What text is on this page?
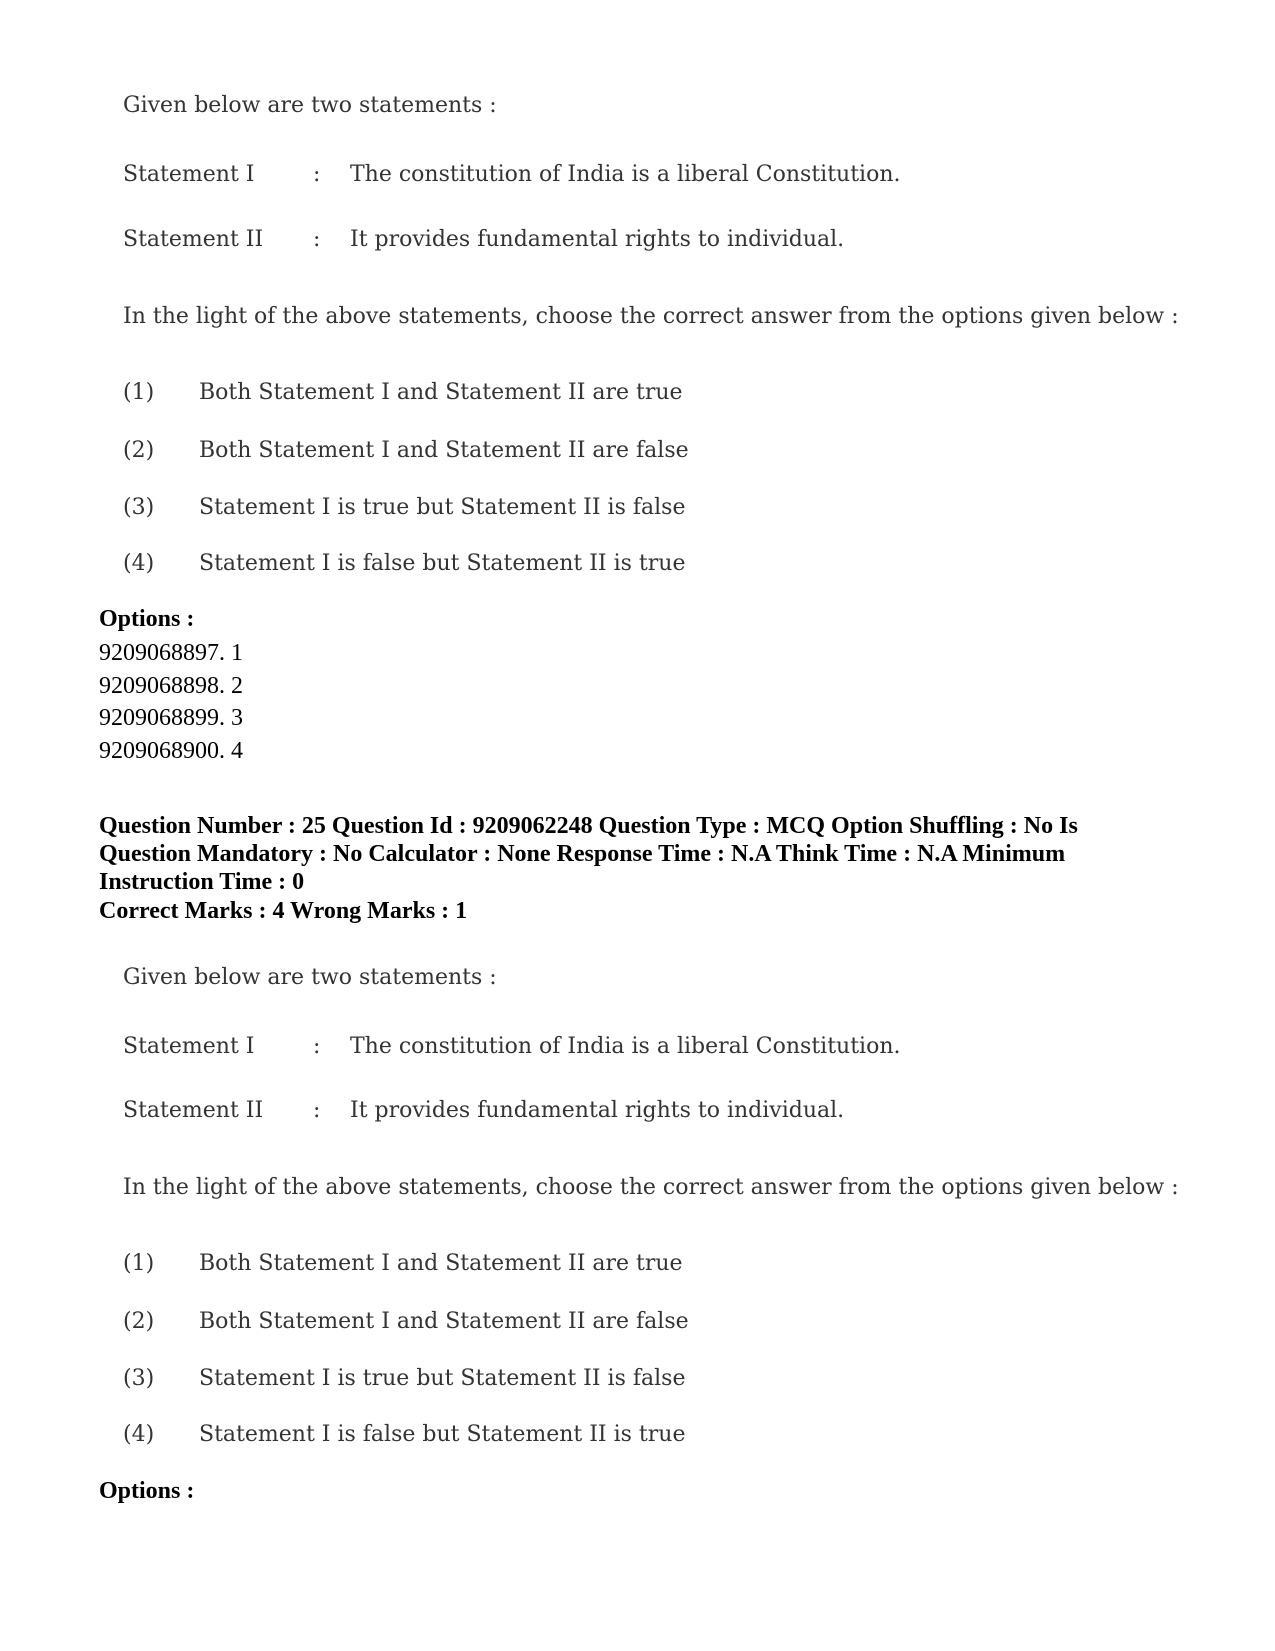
Given below are two statements :
Statement I	: The constitution of India is a liberal Constitution.
Statement II : It provides fundamental rights to individual.
In the light of the above statements, choose the correct answer from the options given below :
(1) Both Statement I and Statement II are true
(2) Both Statement I and Statement II are false
(3) Statement I is true but Statement II is false
(4) Statement I is false but Statement II is true
Options :
9209068897. 1
9209068898. 2
9209068899. 3
9209068900. 4
Question Number : 25 Question Id : 9209062248 Question Type : MCQ Option Shuffling : No Is
Question Mandatory : No Calculator : None Response Time : N.A Think Time : N.A Minimum
Instruction Time : 0
Correct Marks : 4 Wrong Marks : 1
Given below are two statements :
Statement I	: The constitution of India is a liberal Constitution.
Statement II : It provides fundamental rights to individual.
In the light of the above statements, choose the correct answer from the options given below :
(1) Both Statement I and Statement II are true
(2) Both Statement I and Statement II are false
(3) Statement I is true but Statement II is false
(4) Statement I is false but Statement II is true
Options :
